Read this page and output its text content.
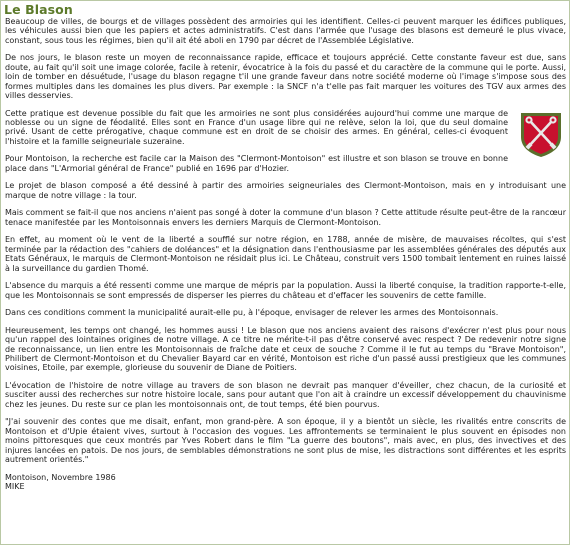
Le Blason

Beaucoup de villes, de bourgs et de villages possèdent des armoiries qui les identifient. Celles-ci peuvent marquer les édifices publiques, les véhicules aussi bien que les papiers et actes administratifs. C'est dans l'armée que l'usage des blasons est demeuré le plus vivace, constant, sous tous les régimes, bien qu'il ait été aboli en 1790 par décret de l'Assemblée Législative.

De nos jours, le blason reste un moyen de reconnaissance rapide, efficace et toujours apprécié. Cette constante faveur est due, sans doute, au fait qu'il soit une image colorée, facile à retenir, évocatrice à la fois du passé et du caractère de la commune qui le porte. Aussi, loin de tomber en désuétude, l'usage du blason regagne t'il une grande faveur dans notre société moderne où l'image s'impose sous des formes multiples dans les domaines les plus divers. Par exemple : la SNCF n'a t'elle pas fait marquer les voitures des TGV aux armes des villes desservies.

Cette pratique est devenue possible du fait que les armoiries ne sont plus considérées aujourd'hui comme une marque de noblesse ou un signe de féodalité. Elles sont en France d'un usage libre qui ne relève, selon la loi, que du seul domaine privé. Usant de cette prérogative, chaque commune est en droit de se choisir des armes. En général, celles-ci évoquent l'histoire et la famille seigneuriale suzeraine.

Pour Montoison, la recherche est facile car la Maison des "Clermont-Montoison" est illustre et son blason se trouve en bonne place dans "L'Armorial général de France" publié en 1696 par d'Hozier.

Le projet de blason composé a été dessiné à partir des armoiries seigneuriales des Clermont-Montoison, mais en y introduisant une marque de notre village : la tour.

Mais comment se fait-il que nos anciens n'aient pas songé à doter la commune d'un blason ? Cette attitude résulte peut-être de la rancœur tenace manifestée par les Montoisonnais envers les derniers Marquis de Clermont-Montoison.

En effet, au moment où le vent de la liberté a soufflé sur notre région, en 1788, année de misère, de mauvaises récoltes, qui s'est terminée par la rédaction des "cahiers de doléances" et la désignation dans l'enthousiasme par les assemblées générales des députés aux Etats Généraux, le marquis de Clermont-Montoison ne résidait plus ici. Le Château, construit vers 1500 tombait lentement en ruines laissé à la surveillance du gardien Thomé.

L'absence du marquis a été ressenti comme une marque de mépris par la population. Aussi la liberté conquise, la tradition rapporte-t-elle, que les Montoisonnais se sont empressés de disperser les pierres du château et d'effacer les souvenirs de cette famille.

Dans ces conditions comment la municipalité aurait-elle pu, à l'époque, envisager de relever les armes des Montoisonnais.

Heureusement, les temps ont changé, les hommes aussi ! Le blason que nos anciens avaient des raisons d'exécrer n'est plus pour nous qu'un rappel des lointaines origines de notre village. A ce titre ne mérite-t-il pas d'être conservé avec respect ? De redevenir notre signe de reconnaissance, un lien entre les Montoisonnais de fraîche date et ceux de souche ? Comme il le fut au temps du "Brave Montoison", Philibert de Clermont-Montoison et du Chevalier Bayard car en vérité, Montoison est riche d'un passé aussi prestigieux que les communes voisines, Etoile, par exemple, glorieuse du souvenir de Diane de Poitiers.

L'évocation de l'histoire de notre village au travers de son blason ne devrait pas manquer d'éveiller, chez chacun, de la curiosité et susciter aussi des recherches sur notre histoire locale, sans pour autant que l'on ait à craindre un excessif développement du chauvinisme chez les jeunes. Du reste sur ce plan les montoisonnais ont, de tout temps, été bien pourvus.

"J'ai souvenir des contes que me disait, enfant, mon grand-père. A son époque, il y a bientôt un siècle, les rivalités entre conscrits de Montoison et d'Upie étaient vives, surtout à l'occasion des vogues. Les affrontements se terminaient le plus souvent en épisodes non moins pittoresques que ceux montrés par Yves Robert dans le film "La guerre des boutons", mais avec, en plus, des invectives et des injures lancées en patois. De nos jours, de semblables démonstrations ne sont plus de mise, les distractions sont différentes et les esprits autrement orientés."

Montoison, Novembre 1986

MIKE
